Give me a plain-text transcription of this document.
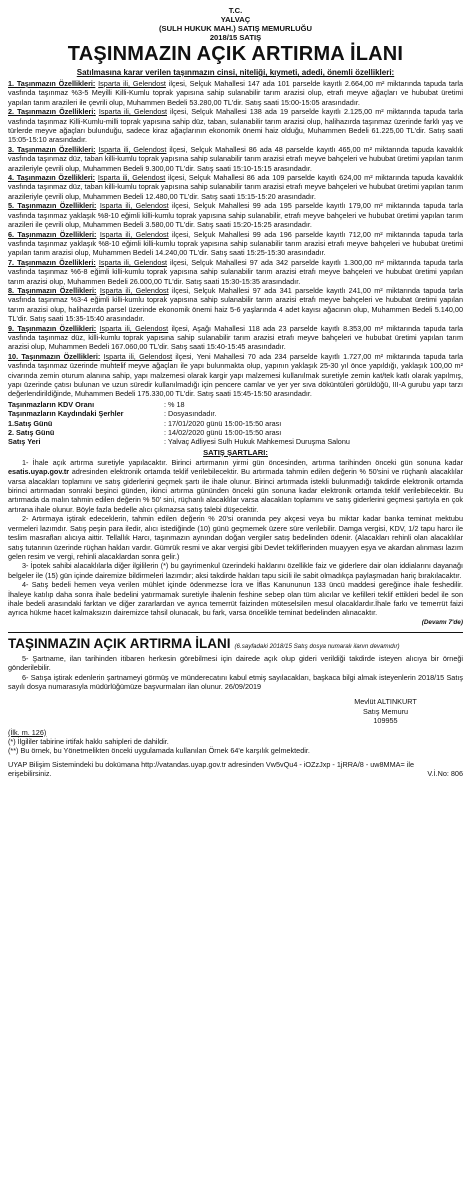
T.C.
YALVAÇ
(SULH HUKUK MAH.) SATIŞ MEMURLUĞU
2018/15 SATIŞ
TAŞINMAZIN AÇIK ARTIRMA İLANI
Satılmasına karar verilen taşınmazın cinsi, niteliği, kıymeti, adedi, önemli özellikleri:

1. Taşınmazın Özellikleri: Isparta ili, Gelendost ilçesi, Selçuk Mahallesi 147 ada 101 parselde kayıtlı 2.664,00 m² miktarında tapuda tarla vasfında taşınmaz %3-5 Meyilli Killi-Kumlu toprak yapısına sahip sulanabilir tarım arazisi olup, etrafı meyve ağaçları ve hububat üretimi yapılan tarım arazileri ile çevrili olup, Muhammen Bedeli 53.280,00 TL'dir. Satış saati 15:00-15:05 arasındadır.

2. Taşınmazın Özellikleri: Isparta ili, Gelendost ilçesi, Selçuk Mahallesi 138 ada 19 parselde kayıtlı 2.125,00 m² miktarında tapuda tarla vasfında taşınmaz Killi-Kumlu-milli toprak yapısına sahip düz, taban, sulanabilir tarım arazisi olup, halihazırda taşınmaz üzerinde farklı yaş ve türlerde meyve ağaçları bulunduğu, sadece kiraz ağaçlarının ekonomik önemi haiz olduğu, Muhammen Bedeli 61.225,00 TL'dir. Satış saati 15:05-15:10 arasındadır.

3. Taşınmazın Özellikleri: Isparta ili, Gelendost ilçesi, Selçuk Mahallesi 86 ada 48 parselde kayıtlı 465,00 m² miktarında tapuda kavaklık vasfında taşınmaz düz, taban killi-kumlu toprak yapısına sahip sulanabilir tarım arazisi etrafı meyve bahçeleri ve hububat üretimi yapılan tarım arazileriyle çevrili olup, Muhammen Bedeli 9.300,00 TL'dir. Satış saati 15:10-15:15 arasındadır.

4. Taşınmazın Özellikleri: Isparta ili, Gelendost ilçesi, Selçuk Mahallesi 86 ada 109 parselde kayıtlı 624,00 m² miktarında tapuda kavaklık vasfında taşınmaz düz, taban killi-kumlu toprak yapısına sahip sulanabilir tarım arazisi etrafı meyve bahçeleri ve hububat üretimi yapılan tarım arazileriyle çevrili olup, Muhammen Bedeli 12.480,00 TL'dir. Satış saati 15:15-15:20 arasındadır.

5. Taşınmazın Özellikleri: Isparta ili, Gelendost ilçesi, Selçuk Mahallesi 99 ada 195 parselde kayıtlı 179,00 m² miktarında tapuda tarla vasfında taşınmaz yaklaşık %8-10 eğimli killi-kumlu toprak yapısına sahip sulanabilir, etrafı meyve bahçeleri ve hububat üretimi yapılan tarım arazileri ile çevrili olup, Muhammen Bedeli 3.580,00 TL'dir. Satış saati 15:20-15:25 arasındadır.

6. Taşınmazın Özellikleri: Isparta ili, Gelendost ilçesi, Selçuk Mahallesi 99 ada 196 parselde kayıtlı 712,00 m² miktarında tapuda tarla vasfında taşınmaz yaklaşık %8-10 eğimli killi-kumlu toprak yapısına sahip sulanabilir tarım arazisi etrafı meyve bahçeleri ve hububat üretimi yapılan tarım arazisi olup, Muhammen Bedeli 14.240,00 TL'dir. Satış saati 15:25-15:30 arasındadır.

7. Taşınmazın Özellikleri: Isparta ili, Gelendost ilçesi, Selçuk Mahallesi 97 ada 342 parselde kayıtlı 1.300,00 m² miktarında tapuda tarla vasfında taşınmaz %6-8 eğimli killi-kumlu toprak yapısına sahip sulanabilir tarım arazisi etrafı meyve bahçeleri ve hububat üretimi yapılan tarım arazisi olup, Muhammen Bedeli 26.000,00 TL'dir. Satış saati 15:30-15:35 arasındadır.

8. Taşınmazın Özellikleri: Isparta ili, Gelendost ilçesi, Selçuk Mahallesi 97 ada 341 parselde kayıtlı 241,00 m² miktarında tapuda tarla vasfında taşınmaz %3-4 eğimli killi-kumlu toprak yapısına sahip sulanabilir tarım arazisi etrafı meyve bahçeleri ve hububat üretimi yapılan tarım arazisi olup, halihazırda parsel üzerinde ekonomik önemi haiz 5-6 yaşlarında 4 adet kayısı ağacının olup, Muhammen Bedeli 5.140,00 TL'dir. Satış saati 15:35-15:40 arasındadır.

9. Taşınmazın Özellikleri: Isparta ili, Gelendost ilçesi, Aşağı Mahallesi 118 ada 23 parselde kayıtlı 8.353,00 m² miktarında tapuda tarla vasfında taşınmaz düz, killi-kumlu toprak yapısına sahip sulanabilir tarım arazisi etrafı meyve bahçeleri ve hububat üretimi yapılan tarım arazisi olup, Muhammen Bedeli 167.060,00 TL'dir. Satış saati 15:40-15:45 arasındadır.

10. Taşınmazın Özellikleri: Isparta ili, Gelendost ilçesi, Yeni Mahallesi 70 ada 234 parselde kayıtlı 1.727,00 m² miktarında tapuda tarla vasfında taşınmaz üzerinde muhtelif meyve ağaçları ile yapı bulunmakta olup, yapının yaklaşık 25-30 yıl önce yapıldığı, yaklaşık 100,00 m² civarında zemin oturum alanına sahip, yapı malzemesi olarak kargir yapı malzemesi kullanılmak suretiyle zemin kat/tek katlı olarak yapılmış, yapı üzerinde çatısı bulunan ve uzun süredir kullanılmadığı için pencere camlar ve yer yer sıva döküntüleri görüldüğü, III-A gurubu yapı tarzı değerlendirildiğinde, Muhammen Bedeli 175.330,00 TL'dir. Satış saati 15:45-15:50 arasındadır.

Taşınmazların KDV Oranı	: % 18
Taşınmazların Kaydındaki Şerhler	: Dosyasındadır.
1.Satış Günü	: 17/01/2020 günü 15:00-15:50 arası
2. Satış Günü	: 14/02/2020 günü 15:00-15:50 arası
Satış Yeri	: Yalvaç Adliyesi Sulh Hukuk Mahkemesi Duruşma Salonu
SATIŞ ŞARTLARI:

1- İhale açık artırma suretiyle yapılacaktır. Birinci artırmanın yirmi gün öncesinden, artırma tarihinden önceki gün sonuna kadar esatis.uyap.gov.tr adresinden elektronik ortamda teklif verilebilecektir. Bu artırmada tahmin edilen değerin % 50'sini ve rüçhanlı alacaklılar varsa alacakları toplamını ve satış giderlerini geçmek şartı ile ihale olunur. Birinci artırmada istekli bulunmadığı takdirde elektronik ortamda birinci artırmadan sonraki beşinci günden, ikinci artırma gününden önceki gün sonuna kadar elektronik ortamda teklif verilebilecektir. Bu artırmada da malın tahmin edilen değerin % 50' sini, rüçhanlı alacaklılar varsa alacakları toplamını ve satış giderlerini geçmesi şartıyla en çok artırana ihale olunur. Böyle fazla bedelle alıcı çıkmazsa satış talebi düşecektir.

2- Artırmaya iştirak edeceklerin, tahmin edilen değerin % 20'si oranında pey akçesi veya bu miktar kadar banka teminat mektubu vermeleri lazımdır. Satış peşin para iledir, alıcı istediğinde (10) günü geçmemek üzere süre verilebilir. Damga vergisi, KDV, 1/2 tapu harcı ile teslim masrafları alıcıya aittir. Tellallık Harcı, taşınmazın aynından doğan vergiler satış bedelinden ödenir. (Alacakları rehinli olan alacaklılar satış tutarının üzerinde rüçhan hakları vardır. Gümrük resmi ve akar vergisi gibi Devlet tekliflerinden muayyen eşya ve akardan alınması lazım gelen resim ve vergi, rehinli alacaklardan sonra gelir.)

3- İpotek sahibi alacaklılarla diğer ilgililerin (*) bu gayrimenkul üzerindeki haklarını özellikle faiz ve giderlere dair olan iddialarını dayanağı belgeler ile (15) gün içinde dairemize bildirmeleri lazımdır; aksi takdirde hakları tapu sicili ile sabit olmadıkça paylaşmadan hariç bırakılacaktır.

4- Satış bedeli hemen veya verilen mühlet içinde ödenmezse İcra ve İflas Kanununun 133 üncü maddesi gereğince ihale feshedilir. İhaleye katılıp daha sonra ihale bedelini yatırmamak suretiyle ihalenin feshine sebep olan tüm alıcılar ve kefilleri teklif ettikleri bedel ile son ihale bedeli arasındaki farktan ve diğer zararlardan ve ayrıca temerrüt faizinden müteselsilen mesul olacaklardır.İhale farkı ve temerrüt faizi ayrıca hükme hacet kalmaksızın dairemizce tahsil olunacak, bu fark, varsa öncelikle teminat bedelinden alınacaktır.

(Devamı 7'de)
TAŞINMAZIN AÇIK ARTIRMA İLANI (6.sayfadaki 2018/15 Satış dosya numaralı ilanın devamıdır)

5- Şartname, ilan tarihinden itibaren herkesin görebilmesi için dairede açık olup gideri verildiği takdirde isteyen alıcıya bir örneği gönderilebilir.

6- Satışa iştirak edenlerin şartnameyi görmüş ve münderecatını kabul etmiş sayılacakları, başkaca bilgi almak isteyenlerin 2018/15 Satış sayılı dosya numarasıyla müdürlüğümüze başvurmaları ilan olunur. 26/09/2019

Mevlüt ALTINKURT
Satış Memuru
109955
(İlk. m. 126)

(*) İlgililer tabirine irtifak hakkı sahipleri de dahildir.

(**) Bu örnek, bu Yönetmelikten önceki uygulamada kullanılan Örnek 64'e karşılık gelmektedir.

UYAP Bilişim Sistemindeki bu dokümana http://vatandas.uyap.gov.tr adresinden Vw5vQu4 - iOZzJxp - 1jRRA/8 - uw8MMA= ile erişebilirsiniz.	V.İ.No: 806
